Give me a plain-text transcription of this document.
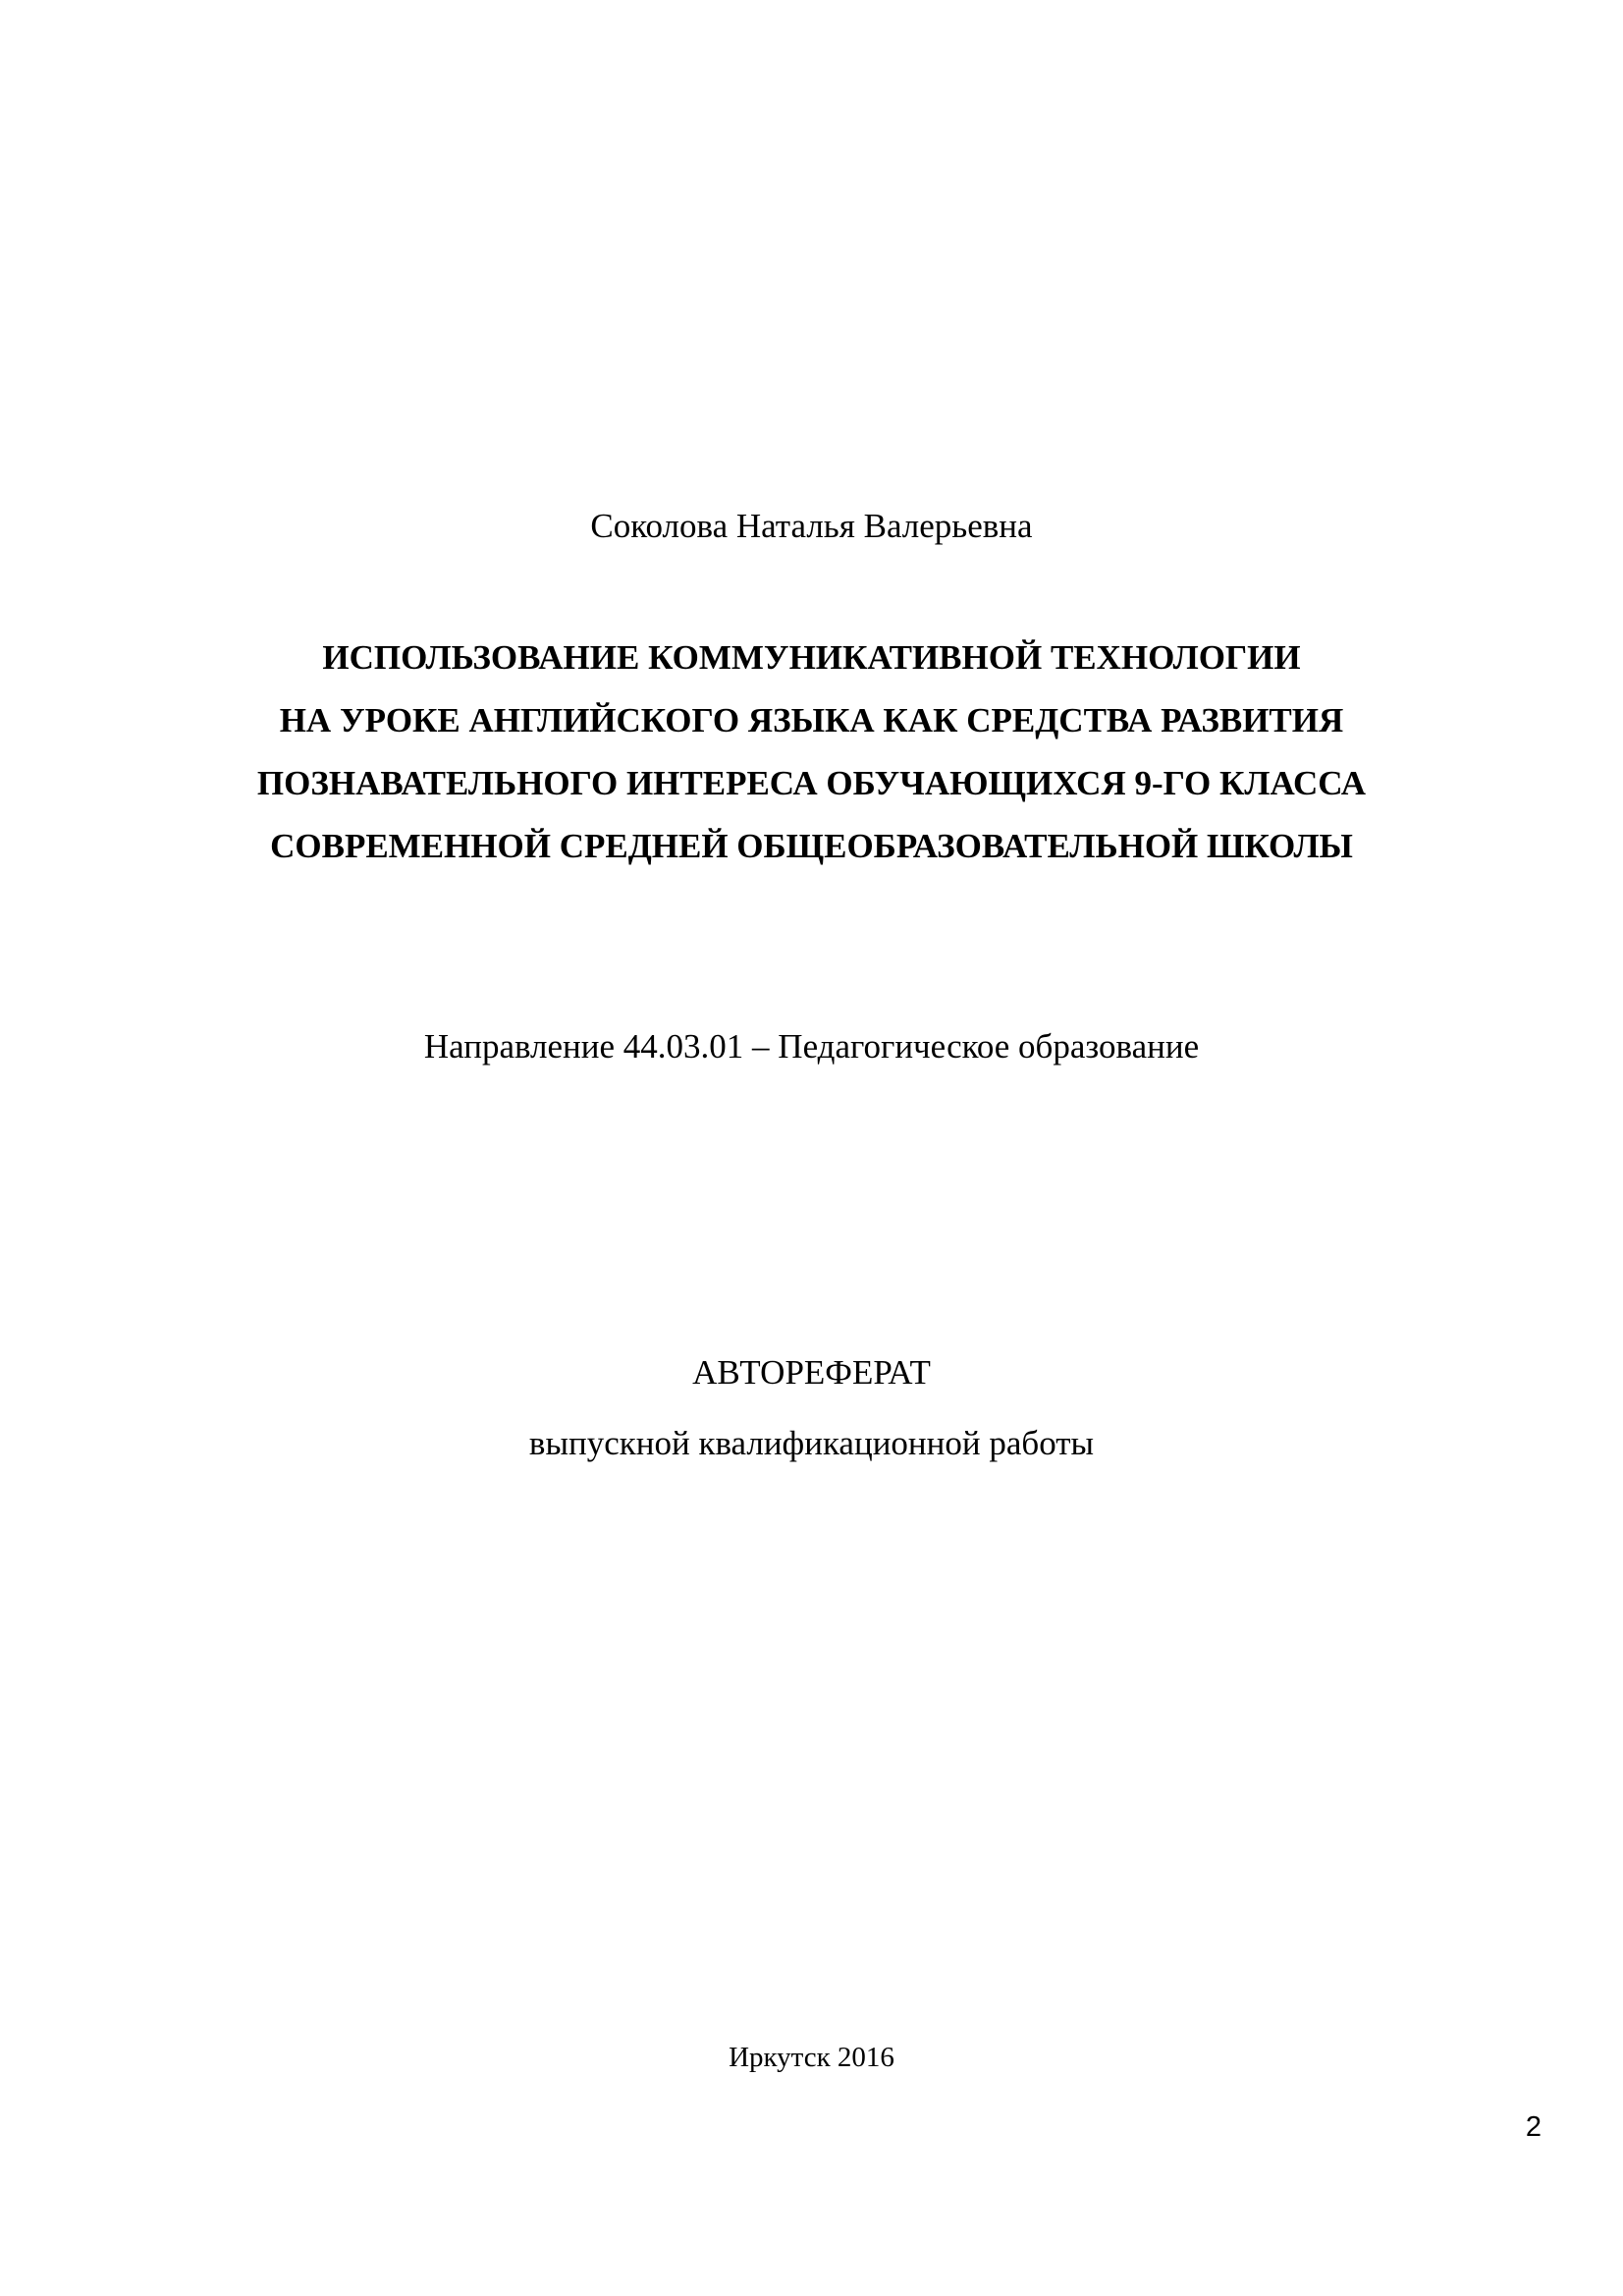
Соколова Наталья Валерьевна
ИСПОЛЬЗОВАНИЕ КОММУНИКАТИВНОЙ ТЕХНОЛОГИИ
НА УРОКЕ АНГЛИЙСКОГО ЯЗЫКА КАК СРЕДСТВА РАЗВИТИЯ
ПОЗНАВАТЕЛЬНОГО ИНТЕРЕСА ОБУЧАЮЩИХСЯ 9-ГО КЛАССА
СОВРЕМЕННОЙ СРЕДНЕЙ ОБЩЕОБРАЗОВАТЕЛЬНОЙ ШКОЛЫ
Направление 44.03.01 – Педагогическое образование
АВТОРЕФЕРАТ
выпускной квалификационной работы
Иркутск 2016
2
